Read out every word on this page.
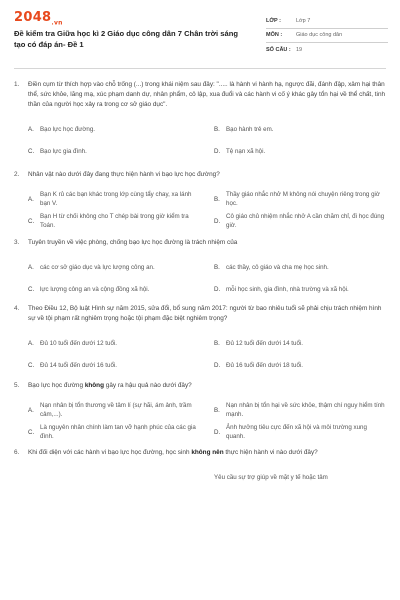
$2048_{.vn}$
Đề kiểm tra Giữa học kì 2 Giáo dục công dân 7 Chân trời sáng tạo có đáp án- Đề 1
LỚP :	Lớp 7
MÔN :	Giáo dục công dân
SỐ CÂU : 19
1. Điền cụm từ thích hợp vào chỗ trống (...) trong khái niệm sau đây: "..... là hành vi hành hạ, ngược đãi, đánh đập, xâm hại thân thể, sức khỏe, lăng mạ, xúc phạm danh dự, nhân phẩm, cô lập, xua đuổi và các hành vi cố ý khác gây tổn hại về thể chất, tinh thần của người học xảy ra trong cơ sở giáo dục".
A. Bạo lực học đường.	B. Bạo hành trẻ em.
C. Bạo lực gia đình.	D. Tệ nạn xã hội.
2. Nhân vật nào dưới đây đang thực hiện hành vi bạo lực học đường?
A.
Bạn K rủ các bạn khác trong lớp cùng tẩy chay, xa lánh bạn V.
B.
Thầy giáo nhắc nhở M không nói chuyện riêng trong giờ học.
C.
Bạn H từ chối không cho T chép bài trong giờ kiểm tra Toán.
D.
Cô giáo chủ nhiệm nhắc nhở A cần chăm chỉ, đi học đúng giờ.
3. Tuyên truyền về việc phòng, chống bạo lực học đường là trách nhiệm của
A. các cơ sở giáo dục và lực lượng công an.	B. các thầy, cô giáo và cha mẹ học sinh.
C. lực lượng công an và cộng đồng xã hội.	D. mỗi học sinh, gia đình, nhà trường và xã hội.
4. Theo Điều 12, Bộ luật Hình sự năm 2015, sửa đổi, bổ sung năm 2017: người từ bao nhiêu tuổi sẽ phải chịu trách nhiệm hình sự về tội phạm rất nghiêm trọng hoặc tội phạm đặc biệt nghiêm trọng?
A. Đủ 10 tuổi đến dưới 12 tuổi.	B. Đủ 12 tuổi đến dưới 14 tuổi.
C. Đủ 14 tuổi đến dưới 16 tuổi.	D. Đủ 16 tuổi đến dưới 18 tuổi.
5. Bạo lực học đường không gây ra hậu quả nào dưới đây?
A.
Nạn nhân bị tổn thương về tâm lí (sự hãi, ám ảnh, trầm cảm,...).
B.
Nạn nhân bị tổn hại về sức khỏe, thậm chí nguy hiểm tính mạnh.
C.
Là nguyên nhân chính làm tan vỡ hạnh phúc của các gia đình.
D.
Ảnh hưởng tiêu cực đến xã hội và môi trường xung quanh.
6. Khi đối diện với các hành vi bạo lực học đường, học sinh không nên thực hiện hành vi nào dưới đây?
Yêu cầu sự trợ giúp về mặt y tế hoặc tâm
